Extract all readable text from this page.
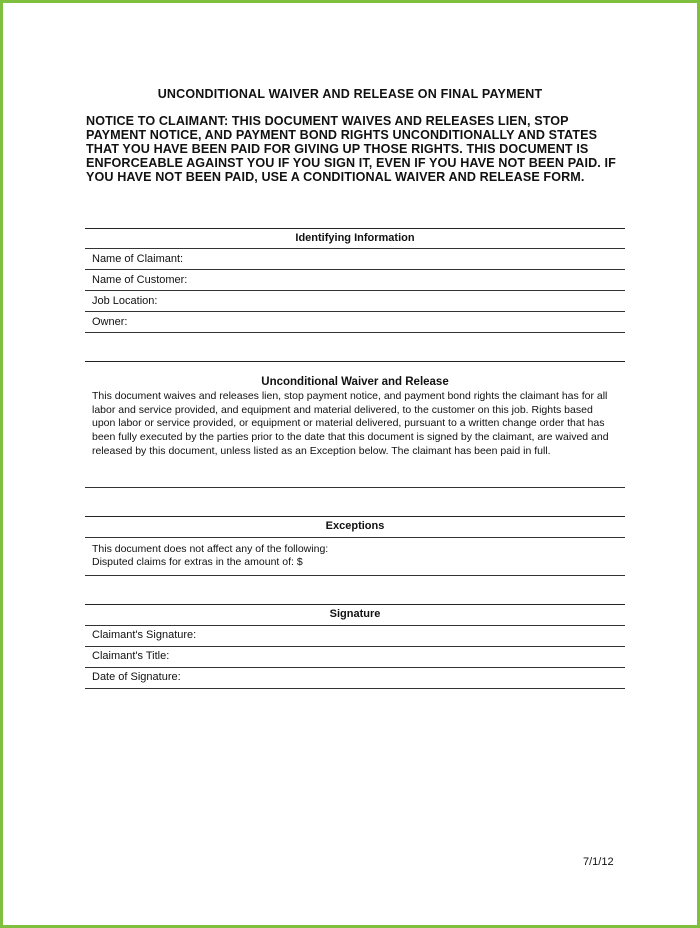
UNCONDITIONAL WAIVER AND RELEASE ON FINAL PAYMENT
NOTICE TO CLAIMANT: THIS DOCUMENT WAIVES AND RELEASES LIEN, STOP PAYMENT NOTICE, AND PAYMENT BOND RIGHTS UNCONDITIONALLY AND STATES THAT YOU HAVE BEEN PAID FOR GIVING UP THOSE RIGHTS. THIS DOCUMENT IS ENFORCEABLE AGAINST YOU IF YOU SIGN IT, EVEN IF YOU HAVE NOT BEEN PAID. IF YOU HAVE NOT BEEN PAID, USE A CONDITIONAL WAIVER AND RELEASE FORM.
Identifying Information
Name of Claimant:
Name of Customer:
Job Location:
Owner:
Unconditional Waiver and Release
This document waives and releases lien, stop payment notice, and payment bond rights the claimant has for all labor and service provided, and equipment and material delivered, to the customer on this job. Rights based upon labor or service provided, or equipment or material delivered, pursuant to a written change order that has been fully executed by the parties prior to the date that this document is signed by the claimant, are waived and released by this document, unless listed as an Exception below. The claimant has been paid in full.
Exceptions
This document does not affect any of the following:
Disputed claims for extras in the amount of: $
Signature
Claimant's Signature:
Claimant's Title:
Date of Signature:
7/1/12
